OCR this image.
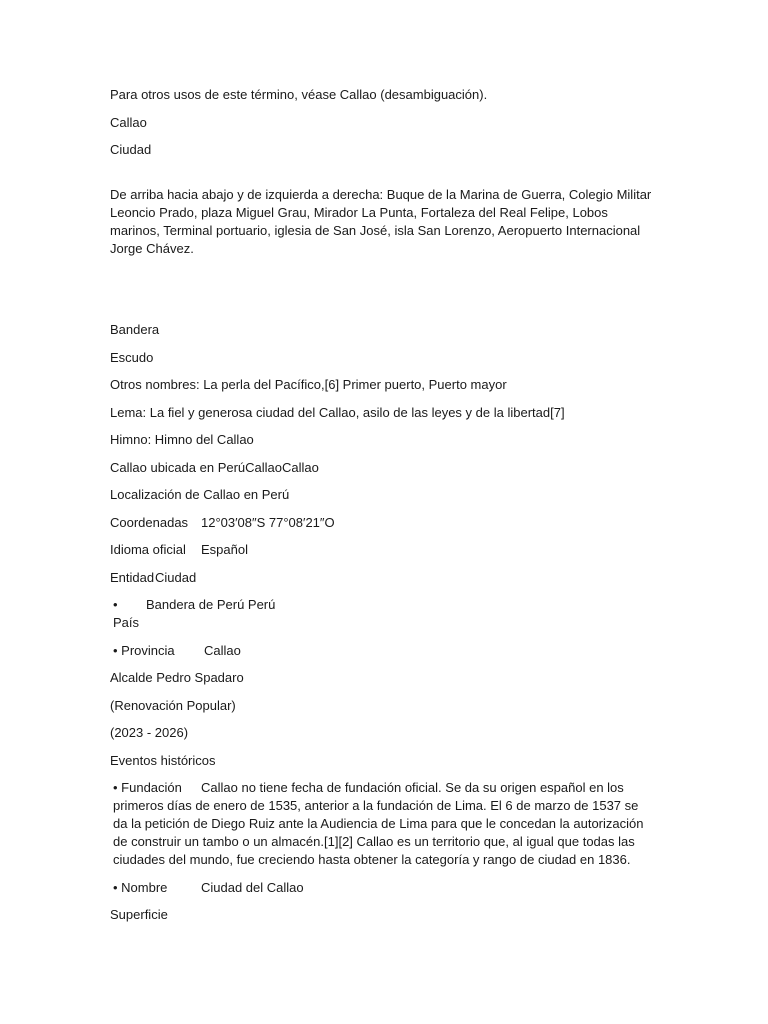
Para otros usos de este término, véase Callao (desambiguación).

Callao

Ciudad

De arriba hacia abajo y de izquierda a derecha: Buque de la Marina de Guerra, Colegio Militar Leoncio Prado, plaza Miguel Grau, Mirador La Punta, Fortaleza del Real Felipe, Lobos marinos, Terminal portuario, iglesia de San José, isla San Lorenzo, Aeropuerto Internacional Jorge Chávez.

Bandera

Escudo

Otros nombres: La perla del Pacífico,[6] Primer puerto, Puerto mayor

Lema: La fiel y generosa ciudad del Callao, asilo de las leyes y de la libertad[7]

Himno: Himno del Callao

Callao ubicada en PerúCallaoCallao

Localización de Callao en Perú

Coordenadas 12°03′08″S 77°08′21″O
Idioma oficial	Español
Entidad Ciudad
• País
Bandera de Perú Perú
• Provincia	Callao

Alcalde Pedro Spadaro

(Renovación Popular)

(2023 - 2026)

Eventos históricos

• Fundación Callao no tiene fecha de fundación oficial. Se da su origen español en los primeros días de enero de 1535, anterior a la fundación de Lima. El 6 de marzo de 1537 se da la petición de Diego Ruiz ante la Audiencia de Lima para que le concedan la autorización de construir un tambo o un almacén.[1][2] Callao es un territorio que, al igual que todas las ciudades del mundo, fue creciendo hasta obtener la categoría y rango de ciudad en 1836.
• Nombre	Ciudad del Callao

Superficie
